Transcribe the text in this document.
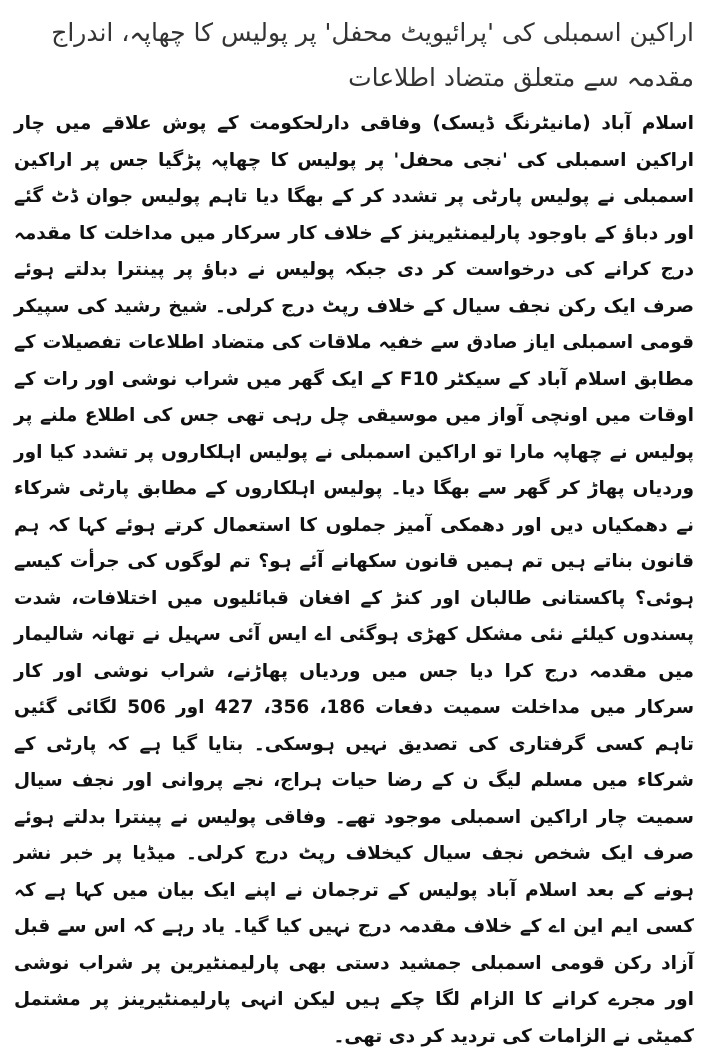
اراکین اسمبلی کی 'پرائیویٹ محفل' پر پولیس کا چھاپہ، اندراج مقدمہ سے متعلق متضاد اطلاعات

اسلام آباد (مانیٹرنگ ڈیسک) وفاقی دارلحکومت کے پوش علاقے میں چار اراکین اسمبلی کی 'نجی محفل' پر پولیس کا چھاپہ پڑگیا جس پر اراکین اسمبلی نے پولیس پارٹی پر تشدد کر کے بھگا دیا تاہم پولیس جوان ڈٹ گئے اور دباؤ کے باوجود پارلیمنٹیرینز کے خلاف کار سرکار میں مداخلت کا مقدمہ درج کرانے کی درخواست کر دی جبکہ پولیس نے دباؤ پر پینترا بدلتے ہوئے صرف ایک رکن نجف سیال کے خلاف رپٹ درج کرلی۔ شیخ رشید کی سپیکر قومی اسمبلی ایاز صادق سے خفیہ ملاقات کی متضاد اطلاعات تفصیلات کے مطابق اسلام آباد کے سیکٹر F10 کے ایک گھر میں شراب نوشی اور رات کے اوقات میں اونچی آواز میں موسیقی چل رہی تھی جس کی اطلاع ملنے پر پولیس نے چھاپہ مارا تو اراکین اسمبلی نے پولیس اہلکاروں پر تشدد کیا اور وردیاں پھاڑ کر گھر سے بھگا دیا۔ پولیس اہلکاروں کے مطابق پارٹی شرکاء نے دھمکیاں دیں اور دھمکی آمیز جملوں کا استعمال کرتے ہوئے کہا کہ ہم قانون بناتے ہیں تم ہمیں قانون سکھانے آئے ہو؟ تم لوگوں کی جرأت کیسے ہوئی؟ پاکستانی طالبان اور کنڑ کے افغان قبائلیوں میں اختلافات، شدت پسندوں کیلئے نئی مشکل کھڑی ہوگئی اے ایس آئی سہیل نے تھانہ شالیمار میں مقدمہ درج کرا دیا جس میں وردیاں پھاڑنے، شراب نوشی اور کار سرکار میں مداخلت سمیت دفعات 186، 356، 427 اور 506 لگائی گئیں تاہم کسی گرفتاری کی تصدیق نہیں ہوسکی۔ بتایا گیا ہے کہ پارٹی کے شرکاء میں مسلم لیگ ن کے رضا حیات ہراج، نجے پروانی اور نجف سیال سمیت چار اراکین اسمبلی موجود تھے۔ وفاقی پولیس نے پینترا بدلتے ہوئے صرف ایک شخص نجف سیال کیخلاف رپٹ درج کرلی۔ میڈیا پر خبر نشر ہونے کے بعد اسلام آباد پولیس کے ترجمان نے اپنے ایک بیان میں کہا ہے کہ کسی ایم این اے کے خلاف مقدمہ درج نہیں کیا گیا۔ یاد رہے کہ اس سے قبل آزاد رکن قومی اسمبلی جمشید دستی بھی پارلیمنٹیرین پر شراب نوشی اور مجرے کرانے کا الزام لگا چکے ہیں لیکن انہی پارلیمنٹیرینز پر مشتمل کمیٹی نے الزامات کی تردید کر دی تھی۔
